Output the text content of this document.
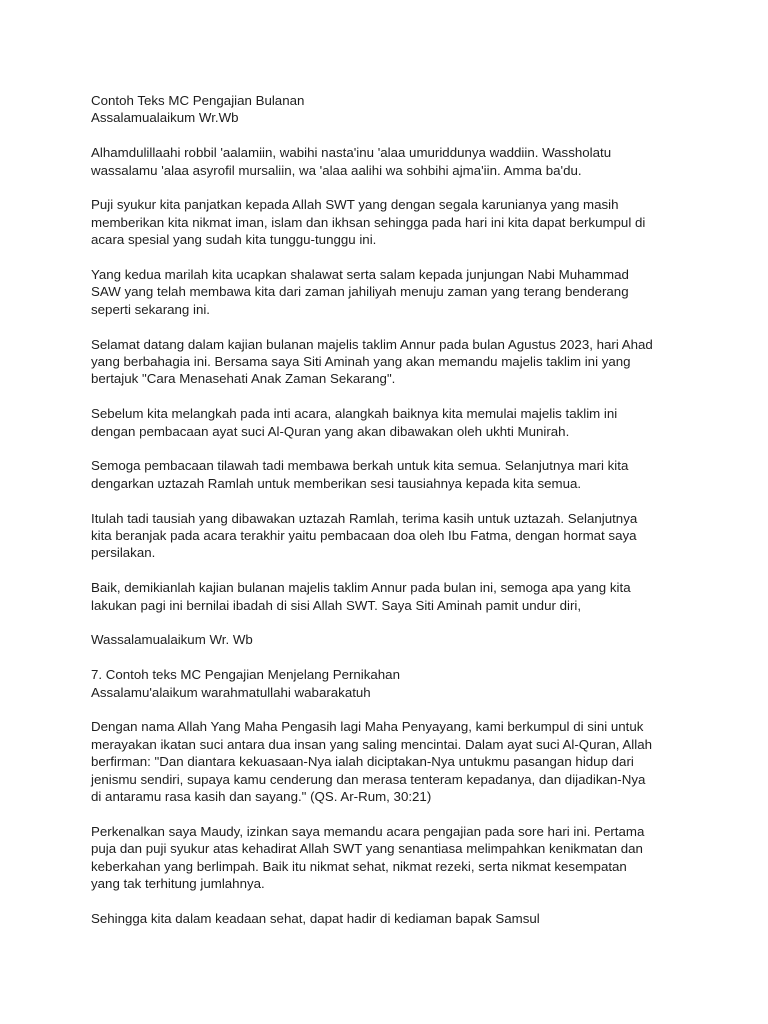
Contoh Teks MC Pengajian Bulanan
Assalamualaikum Wr.Wb

Alhamdulillaahi robbil 'aalamiin, wabihi nasta'inu 'alaa umuriddunya waddiin. Wassholatu
wassalamu 'alaa asyrofil mursaliin, wa 'alaa aalihi wa sohbihi ajma'iin. Amma ba'du.

Puji syukur kita panjatkan kepada Allah SWT yang dengan segala karunianya yang masih
memberikan kita nikmat iman, islam dan ikhsan sehingga pada hari ini kita dapat berkumpul di
acara spesial yang sudah kita tunggu-tunggu ini.

Yang kedua marilah kita ucapkan shalawat serta salam kepada junjungan Nabi Muhammad
SAW yang telah membawa kita dari zaman jahiliyah menuju zaman yang terang benderang
seperti sekarang ini.

Selamat datang dalam kajian bulanan majelis taklim Annur pada bulan Agustus 2023, hari Ahad
yang berbahagia ini. Bersama saya Siti Aminah yang akan memandu majelis taklim ini yang
bertajuk "Cara Menasehati Anak Zaman Sekarang".

Sebelum kita melangkah pada inti acara, alangkah baiknya kita memulai majelis taklim ini
dengan pembacaan ayat suci Al-Quran yang akan dibawakan oleh ukhti Munirah.

Semoga pembacaan tilawah tadi membawa berkah untuk kita semua. Selanjutnya mari kita
dengarkan uztazah Ramlah untuk memberikan sesi tausiahnya kepada kita semua.

Itulah tadi tausiah yang dibawakan uztazah Ramlah, terima kasih untuk uztazah. Selanjutnya
kita beranjak pada acara terakhir yaitu pembacaan doa oleh Ibu Fatma, dengan hormat saya
persilakan.

Baik, demikianlah kajian bulanan majelis taklim Annur pada bulan ini, semoga apa yang kita
lakukan pagi ini bernilai ibadah di sisi Allah SWT. Saya Siti Aminah pamit undur diri,

Wassalamualaikum Wr. Wb

7. Contoh teks MC Pengajian Menjelang Pernikahan
Assalamu'alaikum warahmatullahi wabarakatuh

Dengan nama Allah Yang Maha Pengasih lagi Maha Penyayang, kami berkumpul di sini untuk
merayakan ikatan suci antara dua insan yang saling mencintai. Dalam ayat suci Al-Quran, Allah
berfirman: "Dan diantara kekuasaan-Nya ialah diciptakan-Nya untukmu pasangan hidup dari
jenismu sendiri, supaya kamu cenderung dan merasa tenteram kepadanya, dan dijadikan-Nya
di antaramu rasa kasih dan sayang." (QS. Ar-Rum, 30:21)

Perkenalkan saya Maudy, izinkan saya memandu acara pengajian pada sore hari ini. Pertama
puja dan puji syukur atas kehadirat Allah SWT yang senantiasa melimpahkan kenikmatan dan
keberkahan yang berlimpah. Baik itu nikmat sehat, nikmat rezeki, serta nikmat kesempatan
yang tak terhitung jumlahnya.

Sehingga kita dalam keadaan sehat, dapat hadir di kediaman bapak Samsul
